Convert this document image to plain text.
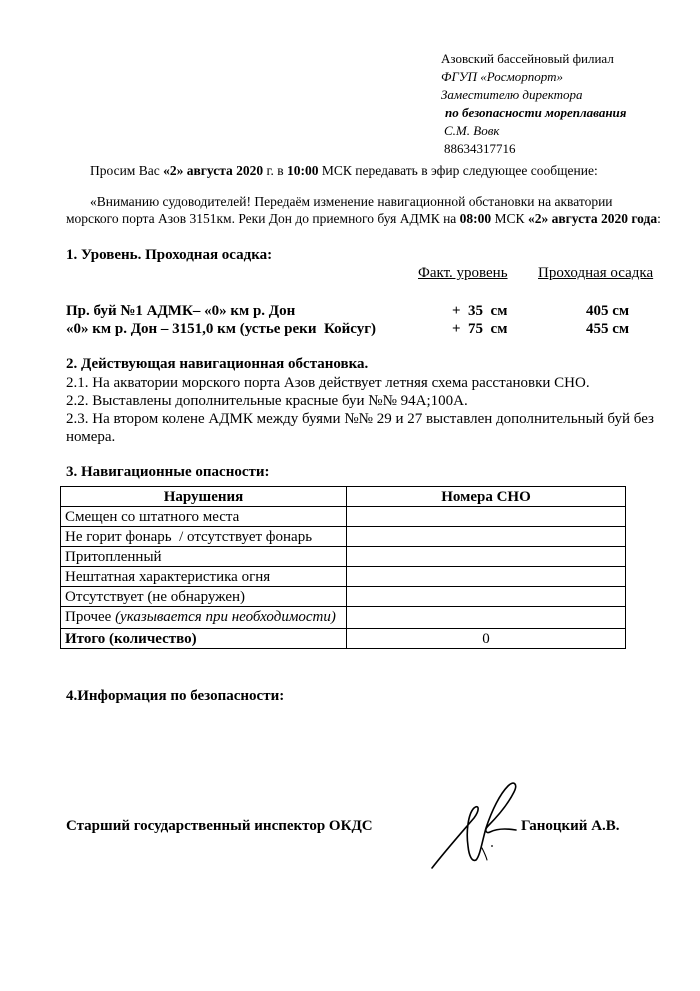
Азовский бассейновый филиал
ФГУП «Росморпорт»
Заместителю директора
по безопасности мореплавания
С.М. Вовк
88634317716
Просим Вас «2» августа 2020 г. в 10:00 МСК передавать в эфир следующее сообщение:
«Вниманию судоводителей! Передаём изменение навигационной обстановки на акватории морского порта Азов 3151км. Реки Дон до приемного буя АДМК на 08:00 МСК «2» августа 2020 года:
1. Уровень. Проходная осадка:
Факт. уровень Проходная осадка
Пр. буй №1 АДМК– «0» км р. Дон	+  35  см	405 см
«0» км р. Дон – 3151,0 км (устье реки  Койсуг)	+  75  см	455 см
2. Действующая навигационная обстановка.
2.1. На акватории морского порта Азов действует летняя схема расстановки СНО.
2.2. Выставлены дополнительные красные буи №№ 94А;100А.
2.3. На втором колене АДМК между буями №№ 29 и 27 выставлен дополнительный буй без номера.
3. Навигационные опасности:
Нарушения	Номера СНО
Смещен со штатного места	
Не горит фонарь  / отсутствует фонарь	
Притопленный	
Нештатная характеристика огня	
Отсутствует (не обнаружен)	
Прочее (указывается при необходимости)	
Итого (количество)	0
4.Информация по безопасности:
Старший государственный инспектор ОКДС	Ганоцкий А.В.
